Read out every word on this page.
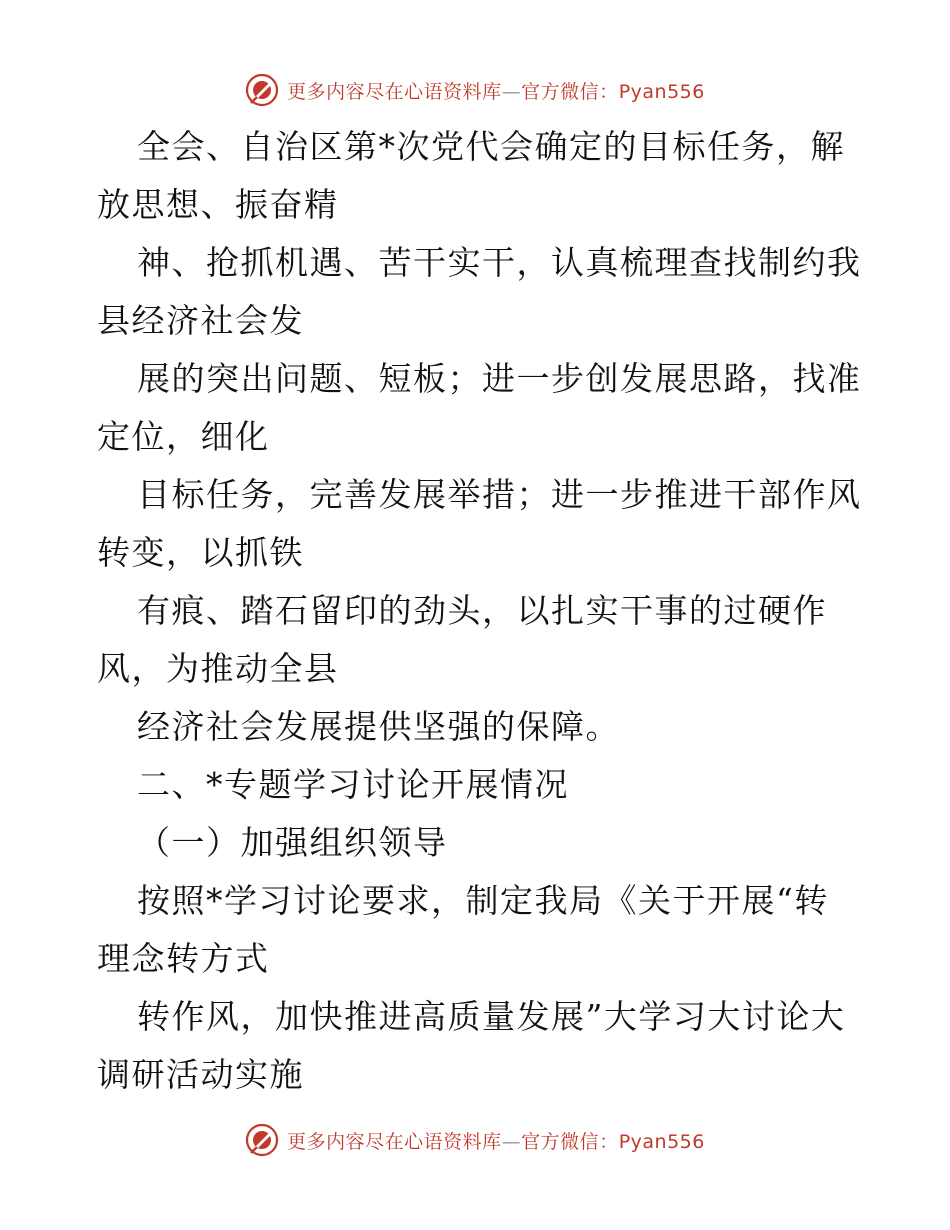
更多内容尽在心语资料库—官方微信：Pyan556
全会、自治区第*次党代会确定的目标任务，解
放思想、振奋精
神、抢抓机遇、苦干实干，认真梳理查找制约我
县经济社会发
展的突出问题、短板；进一步创发展思路，找准
定位，细化
目标任务，完善发展举措；进一步推进干部作风
转变，以抓铁
有痕、踏石留印的劲头，以扎实干事的过硬作
风，为推动全县
经济社会发展提供坚强的保障。
二、*专题学习讨论开展情况
（一）加强组织领导
按照*学习讨论要求，制定我局《关于开展“转
理念转方式
转作风，加快推进高质量发展”大学习大讨论大
调研活动实施
更多内容尽在心语资料库—官方微信：Pyan556
